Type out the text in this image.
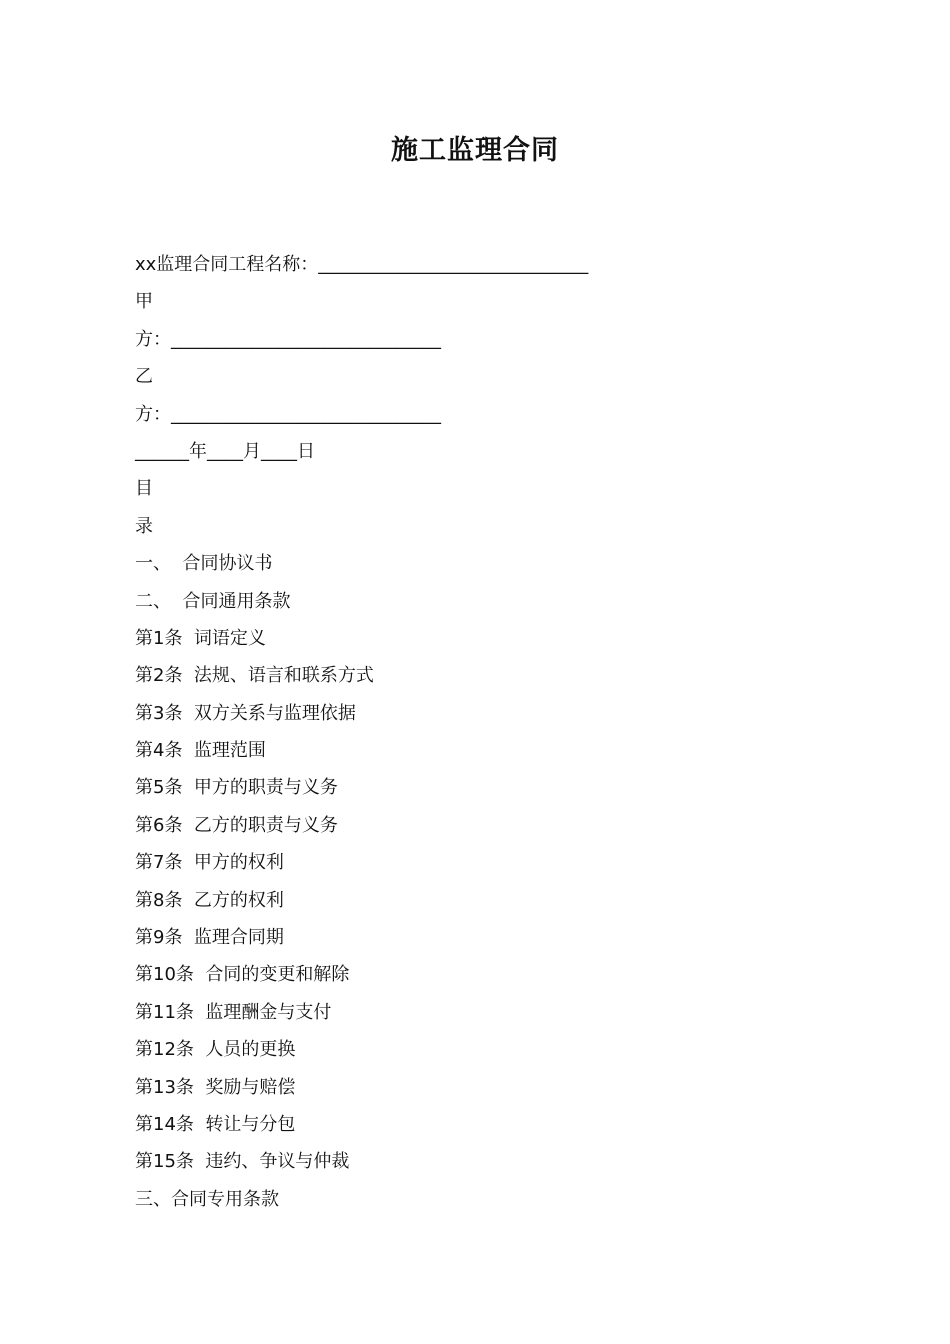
施工监理合同
xx监理合同工程名称：______________________________
甲
方：______________________________
乙
方：______________________________
______年____月____日
目
录
一、  合同协议书
二、  合同通用条款
第1条  词语定义
第2条  法规、语言和联系方式
第3条  双方关系与监理依据
第4条  监理范围
第5条  甲方的职责与义务
第6条  乙方的职责与义务
第7条  甲方的权利
第8条  乙方的权利
第9条  监理合同期
第10条  合同的变更和解除
第11条  监理酬金与支付
第12条  人员的更换
第13条  奖励与赔偿
第14条  转让与分包
第15条  违约、争议与仲裁
三、合同专用条款
